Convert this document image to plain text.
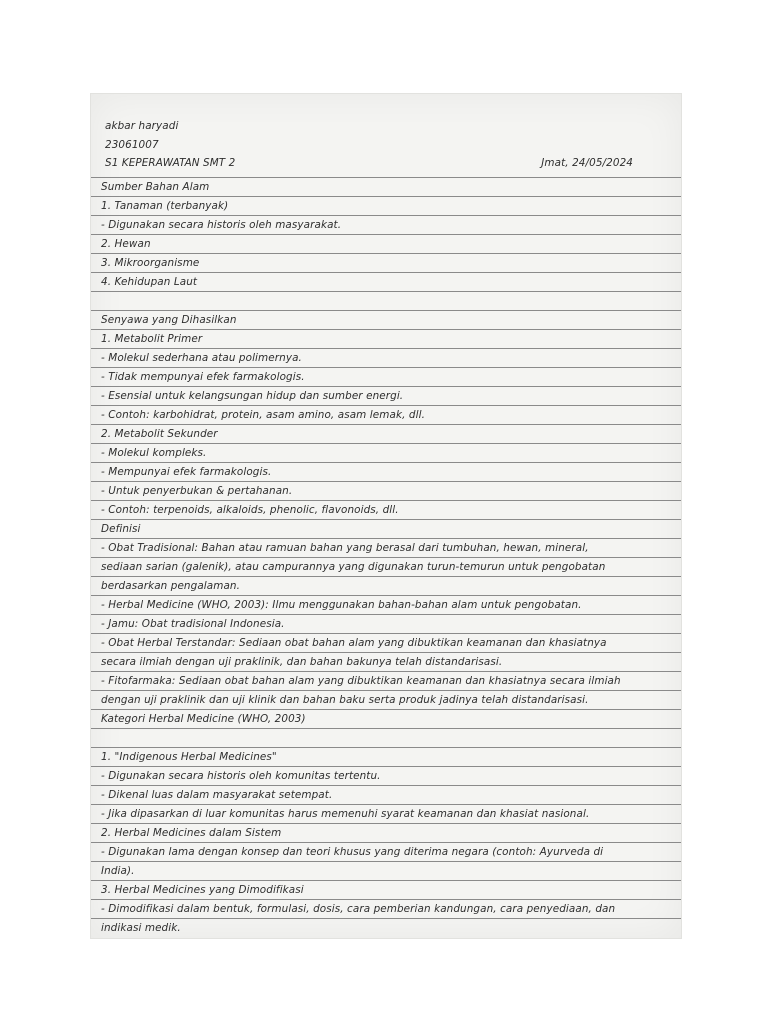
akbar haryadi
23061007
S1 KEPERAWATAN SMT 2	Jmat, 24/05/2024
Sumber Bahan Alam
1. Tanaman (terbanyak)
- Digunakan secara historis oleh masyarakat.
2. Hewan
3. Mikroorganisme
4. Kehidupan Laut
Senyawa yang Dihasilkan
1. Metabolit Primer
- Molekul sederhana atau polimernya.
- Tidak mempunyai efek farmakologis.
- Esensial untuk kelangsungan hidup dan sumber energi.
- Contoh: karbohidrat, protein, asam amino, asam lemak, dll.
2. Metabolit Sekunder
- Molekul kompleks.
- Mempunyai efek farmakologis.
- Untuk penyerbukan & pertahanan.
- Contoh: terpenoids, alkaloids, phenolic, flavonoids, dll.
Definisi
- Obat Tradisional: Bahan atau ramuan bahan yang berasal dari tumbuhan, hewan, mineral,
sediaan sarian (galenik), atau campurannya yang digunakan turun-temurun untuk pengobatan
berdasarkan pengalaman.
- Herbal Medicine (WHO, 2003): Ilmu menggunakan bahan-bahan alam untuk pengobatan.
- Jamu: Obat tradisional Indonesia.
- Obat Herbal Terstandar: Sediaan obat bahan alam yang dibuktikan keamanan dan khasiatnya
secara ilmiah dengan uji praklinik, dan bahan bakunya telah distandarisasi.
- Fitofarmaka: Sediaan obat bahan alam yang dibuktikan keamanan dan khasiatnya secara ilmiah
dengan uji praklinik dan uji klinik dan bahan baku serta produk jadinya telah distandarisasi.
Kategori Herbal Medicine (WHO, 2003)
1. "Indigenous Herbal Medicines"
- Digunakan secara historis oleh komunitas tertentu.
- Dikenal luas dalam masyarakat setempat.
- Jika dipasarkan di luar komunitas harus memenuhi syarat keamanan dan khasiat nasional.
2. Herbal Medicines dalam Sistem
- Digunakan lama dengan konsep dan teori khusus yang diterima negara (contoh: Ayurveda di
India).
3. Herbal Medicines yang Dimodifikasi
- Dimodifikasi dalam bentuk, formulasi, dosis, cara pemberian kandungan, cara penyediaan, dan
indikasi medik.
